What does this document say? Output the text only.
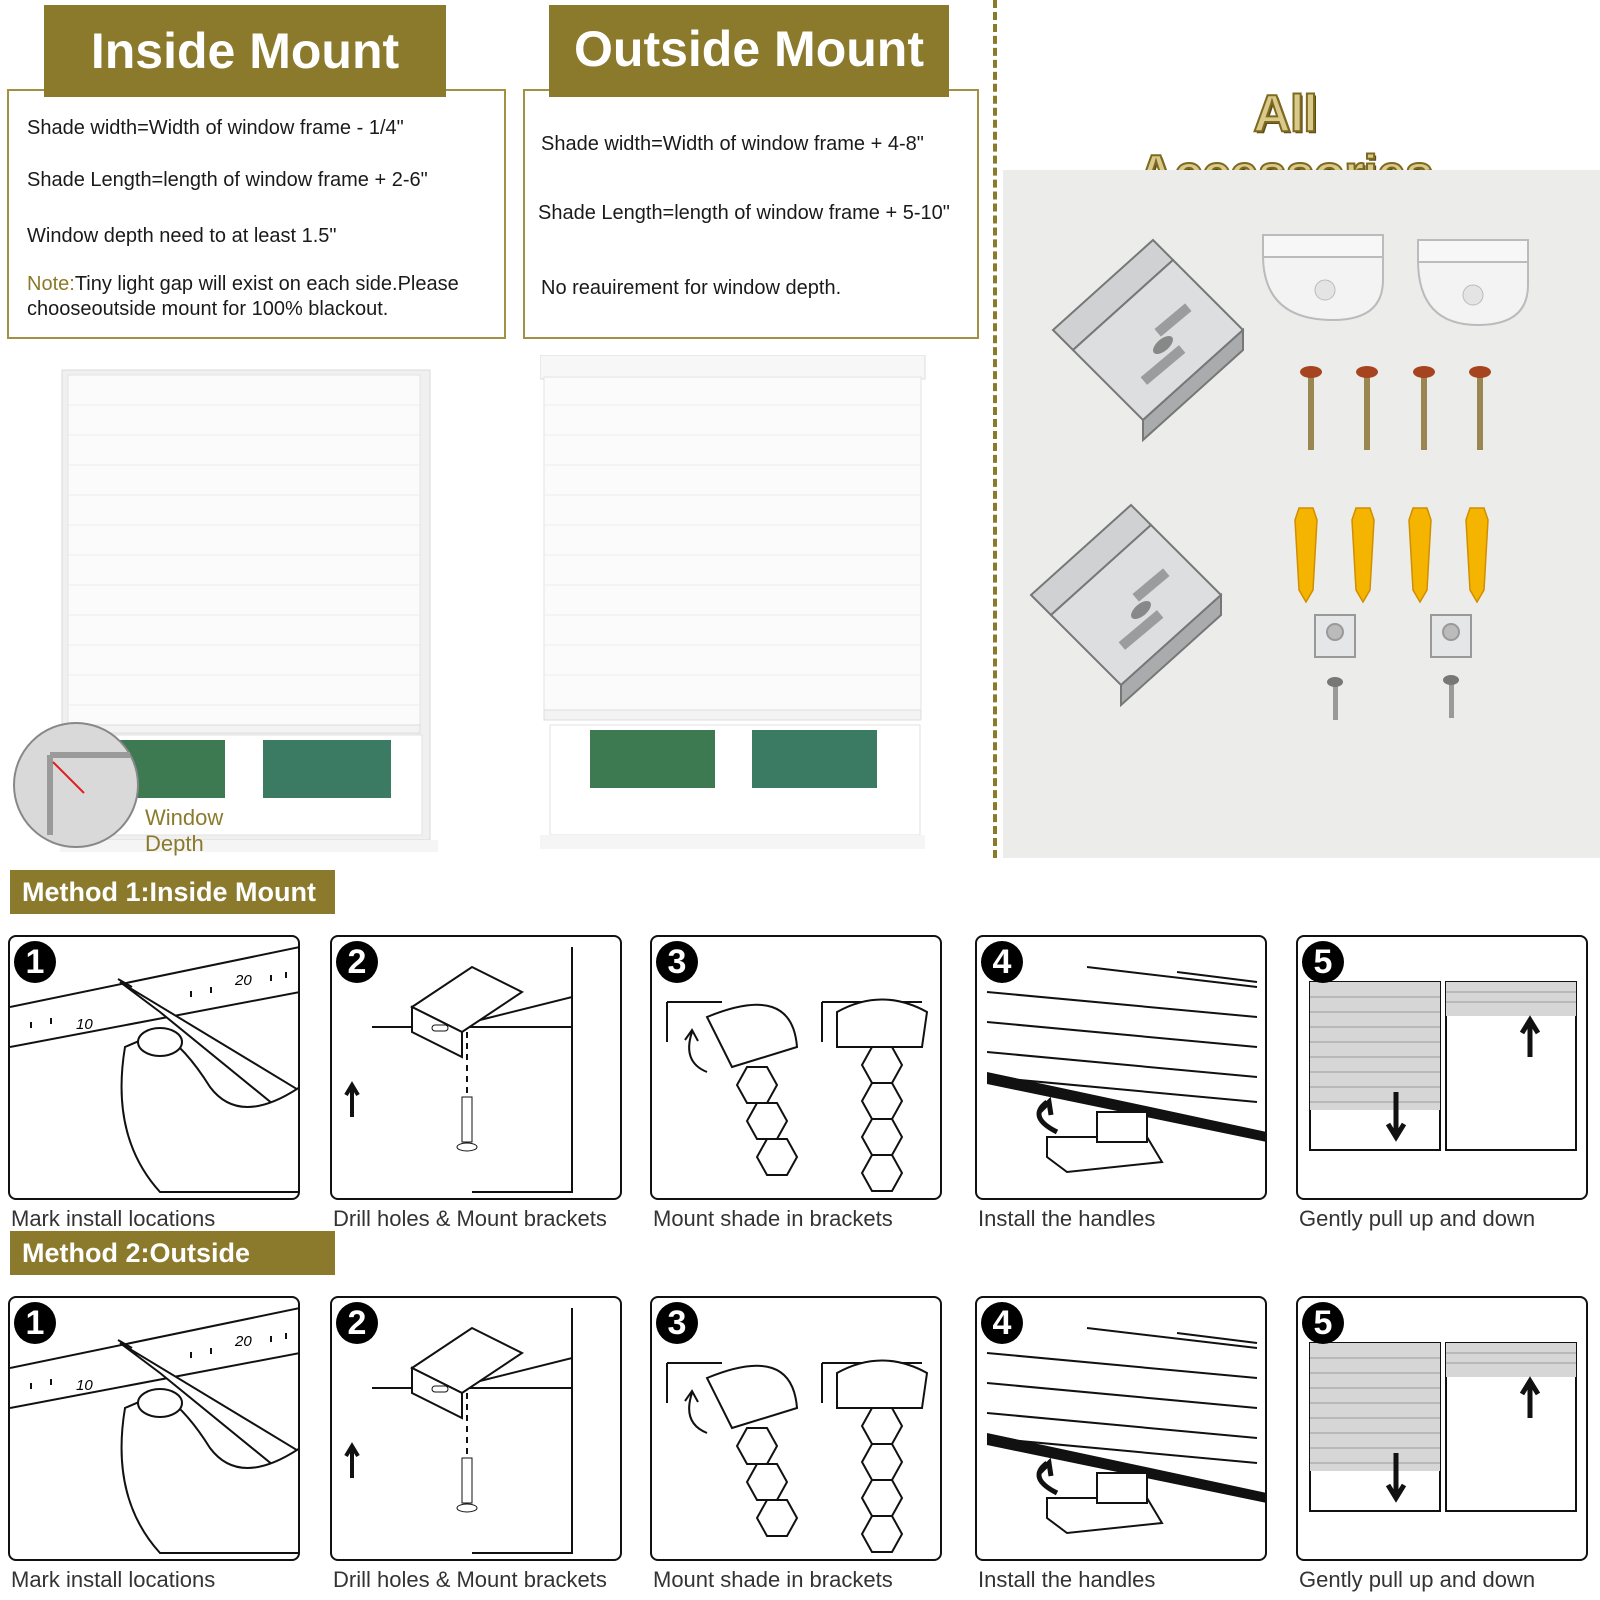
Shade width=Width of window frame - 1/4"
Shade Length=length of window frame + 2-6"
Window depth need to at least 1.5"
Note:Tiny light gap will exist on each side.Please
chooseoutside mount for 100% blackout.
Inside Mount
Shade width=Width of window frame + 4-8"
Shade Length=length of window frame + 5-10"
No reauirement for window depth.
Outside Mount
All
Window
Depth
Method 1:Inside Mount
1
10
20
Mark install locations
2
Drill holes & Mount brackets
3
Mount shade in brackets
4
Install the handles
5
Gently pull up and down
Method 2:Outside
1
10
20
Mark install locations
2
Drill holes & Mount brackets
3
Mount shade in brackets
4
Install the handles
5
Gently pull up and down
